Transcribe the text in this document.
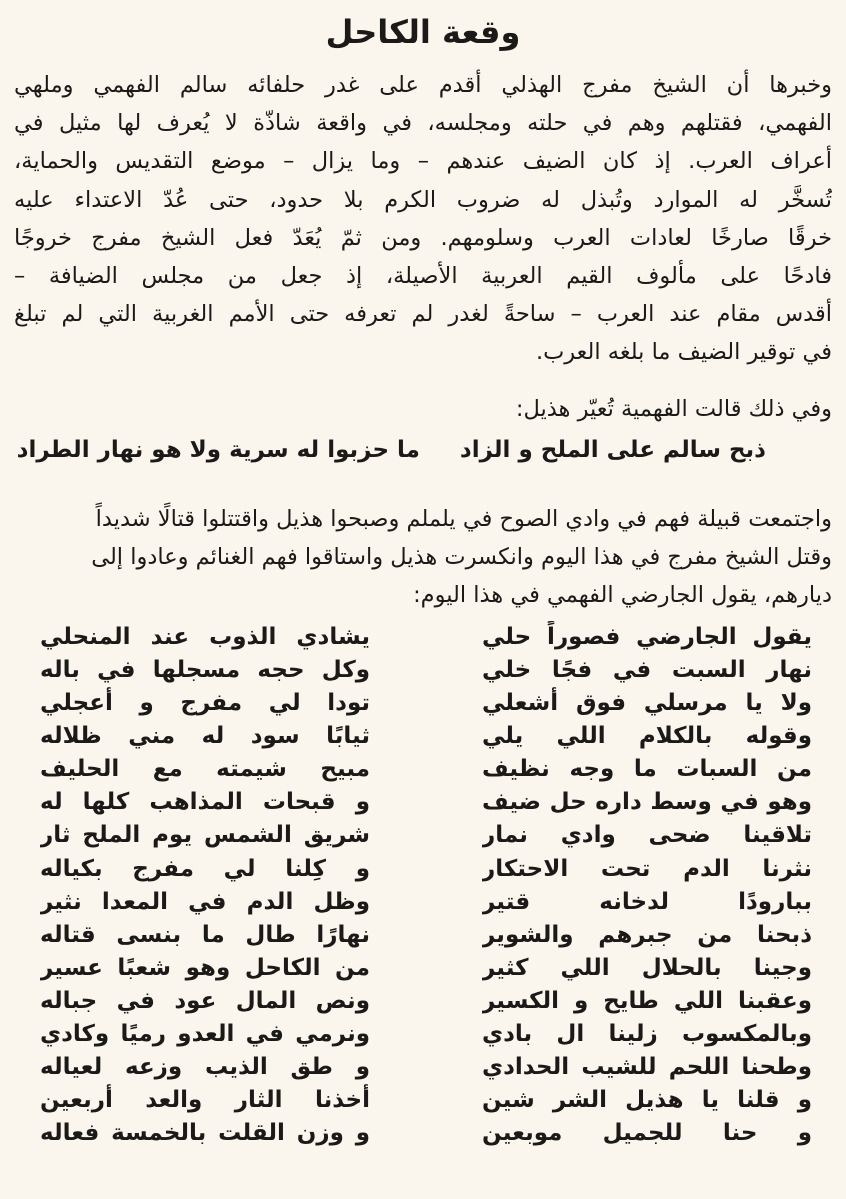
وقعة الكاحل
وخبرها أن الشيخ مفرج الهذلي أقدم على غدر حلفائه سالم الفهمي وملهي
الفهمي، فقتلهم وهم في حلته ومجلسه، في واقعة شاذّة لا يُعرف لها مثيل في
أعراف العرب. إذ كان الضيف عندهم – وما يزال – موضع التقديس والحماية،
تُسخَّر له الموارد وتُبذل له ضروب الكرم بلا حدود، حتى عُدّ الاعتداء عليه
خرقًا صارخًا لعادات العرب وسلومهم. ومن ثمّ يُعَدّ فعل الشيخ مفرج خروجًا
فادحًا على مألوف القيم العربية الأصيلة، إذ جعل من مجلس الضيافة –
أقدس مقام عند العرب – ساحةً لغدر لم تعرفه حتى الأمم الغربية التي لم تبلغ
في توقير الضيف ما بلغه العرب.

وفي ذلك قالت الفهمية تُعيّر هذيل:

ذبح سالم على الملح و الزاد
ما حزبوا له سرية ولا هو نهار الطراد
واجتمعت قبيلة فهم في وادي الصوح في يلملم وصبحوا هذيل واقتتلوا قتالًا شديداً
وقتل الشيخ مفرج في هذا اليوم وانكسرت هذيل واستاقوا فهم الغنائم وعادوا إلى
ديارهم، يقول الجارضي الفهمي في هذا اليوم:
يقول الجارضي فصوراً حلي
يشادي الذوب عند المنحلي
نهار السبت في فجًا خلي
وكل حجه مسجلها في باله
ولا يا مرسلي فوق أشعلي
تودا لي مفرج و أعجلي
وقوله بالكلام اللي يلي
ثيابًا سود له مني ظلاله
من السبات ما وجه نظيف
مبيح شيمته مع الحليف
وهو في وسط داره حل ضيف
و قبحات المذاهب كلها له
تلاقينا ضحى وادي نمار
شريق الشمس يوم الملح ثار
نثرنا الدم تحت الاحتكار
و كِلنا لي مفرج بكياله
ببارودًا لدخانه قتير
وظل الدم في المعدا نثير
ذبحنا من جبرهم والشوير
نهارًا طال ما بنسى قتاله
وجينا بالحلال اللي كثير
من الكاحل وهو شعبًا عسير
وعقبنا اللي طايح و الكسير
ونص المال عود في جباله
وبالمكسوب زلينا ال بادي
ونرمي في العدو رميًا وكادي
وطحنا اللحم للشيب الحدادي
و طق الذيب وزعه لعياله
و قلنا يا هذيل الشر شين
أخذنا الثار والعد أربعين
و حنا للجميل موبعين
و وزن القلت بالخمسة فعاله
